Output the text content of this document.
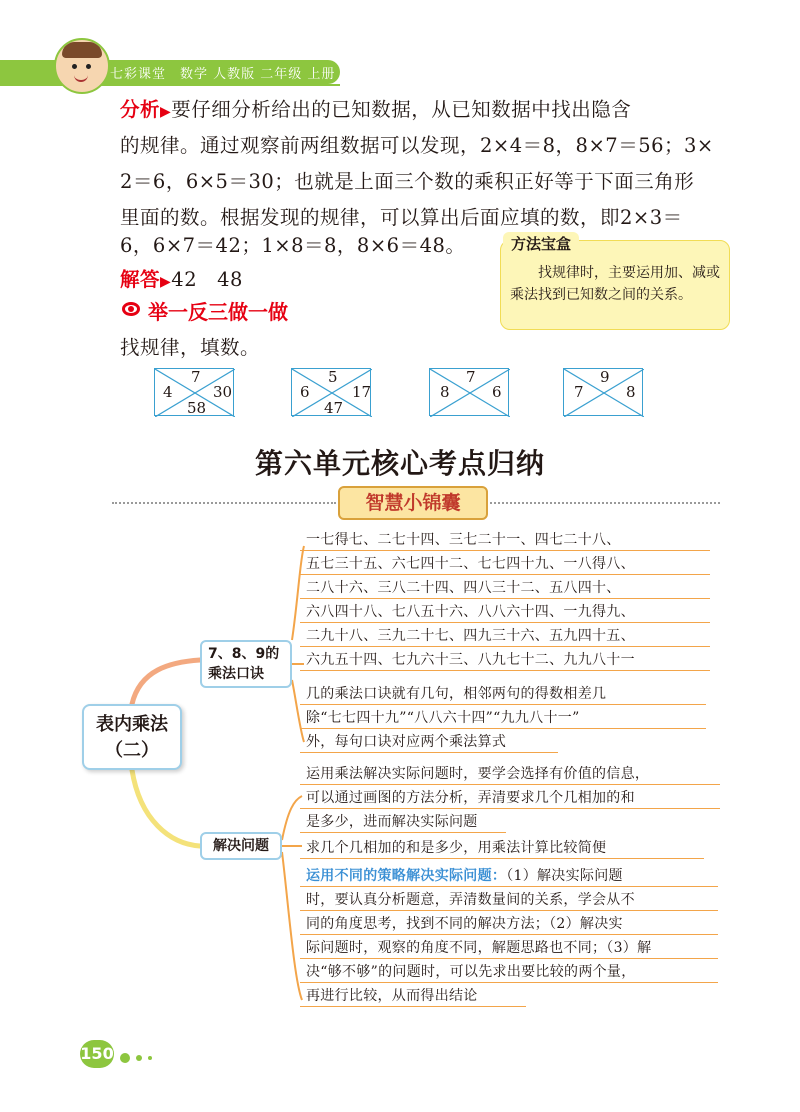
七彩课堂　数学 人教版 二年级 上册
分析▶要仔细分析给出的已知数据，从已知数据中找出隐含
的规律。通过观察前两组数据可以发现，2×4＝8，8×7＝56；3×
2＝6，6×5＝30；也就是上面三个数的乘积正好等于下面三角形
里面的数。根据发现的规律，可以算出后面应填的数，即2×3＝
6，6×7＝42；1×8＝8，8×6＝48。
解答▶42　48
方法宝盒
找规律时，主要运用加、减或乘法找到已知数之间的关系。
举一反三做一做
找规律，填数。
7
4	30
58
5
6	17
47
7
8	6
9
7	8
第六单元核心考点归纳
智慧小锦囊
表内乘法
（二）
7、8、9的
乘法口诀
解决问题
一七得七、二七十四、三七二十一、四七二十八、
五七三十五、六七四十二、七七四十九、一八得八、
二八十六、三八二十四、四八三十二、五八四十、
六八四十八、七八五十六、八八六十四、一九得九、
二九十八、三九二十七、四九三十六、五九四十五、
六九五十四、七九六十三、八九七十二、九九八十一
几的乘法口诀就有几句，相邻两句的得数相差几
除“七七四十九”“八八六十四”“九九八十一”
外，每句口诀对应两个乘法算式
运用乘法解决实际问题时，要学会选择有价值的信息，
可以通过画图的方法分析，弄清要求几个几相加的和
是多少，进而解决实际问题
求几个几相加的和是多少，用乘法计算比较简便
运用不同的策略解决实际问题：（1）解决实际问题
时，要认真分析题意，弄清数量间的关系，学会从不
同的角度思考，找到不同的解决方法；（2）解决实
际问题时，观察的角度不同，解题思路也不同；（3）解
决“够不够”的问题时，可以先求出要比较的两个量，
再进行比较，从而得出结论
150
